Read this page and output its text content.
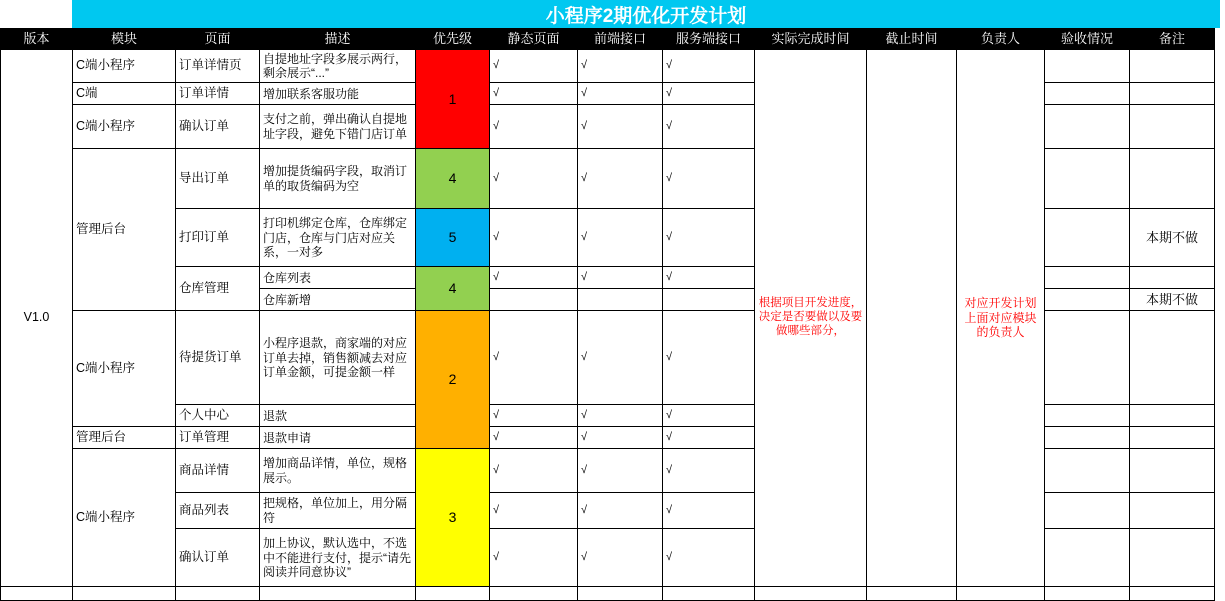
小程序2期优化开发计划
版本	模块	页面	描述	优先级	静态页面	前端接口	服务端接口	实际完成时间	截止时间	负责人	验收情况	备注
V1.0	C端小程序	订单详情页	自提地址字段多展示两行，剩余展示“...”	1	√	√	√	根据项目开发进度，决定是否要做以及要做哪些部分，		对应开发计划上面对应模块的负责人		
	C端	订单详情	增加联系客服功能		√	√	√					
	C端小程序	确认订单	支付之前，弹出确认自提地址字段，避免下错门店订单		√	√	√					
	管理后台	导出订单	增加提货编码字段，取消订单的取货编码为空	4	√	√	√					
		打印订单	打印机绑定仓库，仓库绑定门店，仓库与门店对应关系，一对多	5	√	√	√					本期不做
		仓库管理	仓库列表	4	√	√	√					
			仓库新增									本期不做
	C端小程序	待提货订单	小程序退款，商家端的对应订单去掉，销售额减去对应订单金额，可提金额一样	2	√	√	√					
		个人中心	退款		√	√	√					
	管理后台	订单管理	退款申请		√	√	√					
	C端小程序	商品详情	增加商品详情，单位，规格展示。	3	√	√	√					
		商品列表	把规格，单位加上，用分隔符		√	√	√					
		确认订单	加上协议，默认选中，不选中不能进行支付，提示“请先阅读并同意协议”		√	√	√					
